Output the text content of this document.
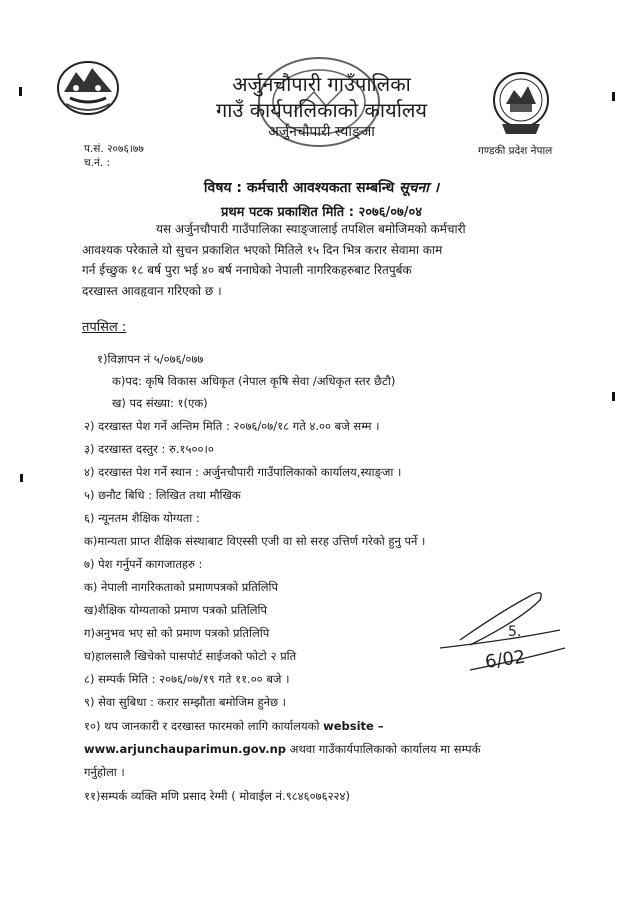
अर्जुनचौपारी गाउँपालिका
गाउँ कार्यपालिकाको कार्यालय
अर्जुनचौपारी स्याङ्जा
गण्डकी प्रदेश नेपाल
प.सं. २०७६।७७
च.नं. :
विषय : कर्मचारी आवश्यकता सम्बन्धि सूचना ।
प्रथम पटक प्रकाशित मिति : २०७६/०७/०४
यस अर्जुनचौपारी गाउँपालिका स्याङ्जालाई तपशिल बमोजिमको कर्मचारी
आवश्यक परेकाले यो सुचन प्रकाशित भएको मितिले १५ दिन भित्र करार सेवामा काम
गर्न ईच्छुक १८ बर्ष पुरा भई ४० बर्ष ननाघेको नेपाली नागरिकहरुबाट रितपुर्बक
दरखास्त आवहृवान गरिएको छ ।
तपसिल :
१)विज्ञापन नं ५/०७६/०७७
क)पद: कृषि विकास अधिकृत (नेपाल कृषि सेवा /अधिकृत स्तर छैटौ)
ख) पद संख्या: १(एक)
२) दरखास्त पेश गर्ने अन्तिम मिति : २०७६/०७/१८ गते ४.०० बजे सम्म ।
३) दरखास्त दस्तुर : रु.१५००।०
४) दरखास्त पेश गर्ने स्थान : अर्जुनचौपारी गाउँपालिकाको कार्यालय,स्याङ्जा ।
५) छनौट बिधि : लिखित तथा मौखिक
६) न्यूनतम शैक्षिक योग्यता :
क)मान्यता प्राप्त शैक्षिक संस्थाबाट विएस्सी एजी वा सो सरह उत्तिर्ण गरेको हुनु पर्ने ।
७) पेश गर्नुपर्ने कागजातहरु :
क) नेपाली नागरिकताको प्रमाणपत्रको प्रतिलिपि
ख)शैक्षिक योग्यताको प्रमाण पत्रको प्रतिलिपि
ग)अनुभव भए सो को प्रमाण पत्रको प्रतिलिपि
घ)हालसालै खिचेको पासपोर्ट साईजको फोटो २ प्रति
८) सम्पर्क मिति : २०७६/०७/१९ गते ११.०० बजे ।
९) सेवा सुबिधा : करार सम्झौता बमोजिम हुनेछ ।
१०) थप जानकारी र दरखास्त फारमको लागि कार्यालयको website –
www.arjunchauparimun.gov.np अथवा गाउँकार्यपालिकाको कार्यालय मा सम्पर्क
गर्नुहोला ।
११)सम्पर्क व्यक्ति मणि प्रसाद रेग्मी ( मोवाईल नं.९८४६०७६२२४)
5.
6/02
